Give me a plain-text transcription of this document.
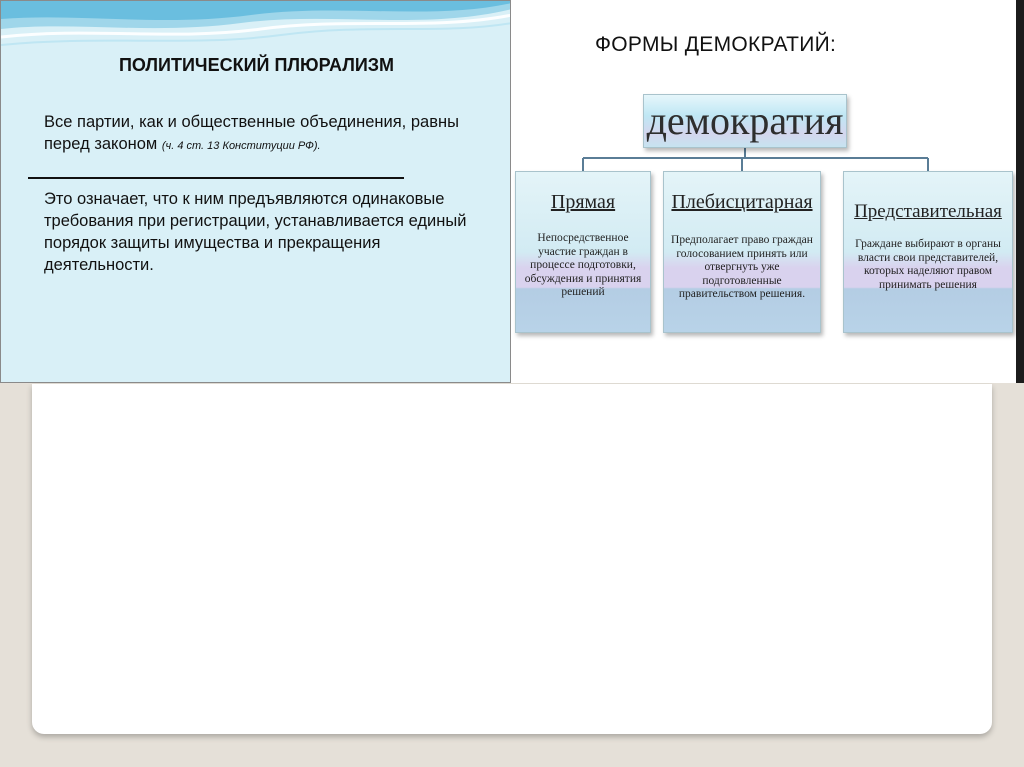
ФОРМЫ ДЕМОКРАТИЙ:
демократия
Прямая
Непосредственное участие граждан в процессе подготовки, обсуждения и принятия решений
Плебисцитарная
Предполагает право граждан голосованием принять или отвергнуть уже подготовленные правительством решения.
Представительная
Граждане выбирают в органы власти свои представителей, которых наделяют правом принимать решения
ПОЛИТИЧЕСКИЙ ПЛЮРАЛИЗМ
Все партии, как и общественные объединения, равны перед законом (ч. 4 ст. 13 Конституции РФ).
Это означает, что к ним предъявляются одинаковые требования при регистрации, устанавливается единый порядок защиты имущества и прекращения деятельности.
